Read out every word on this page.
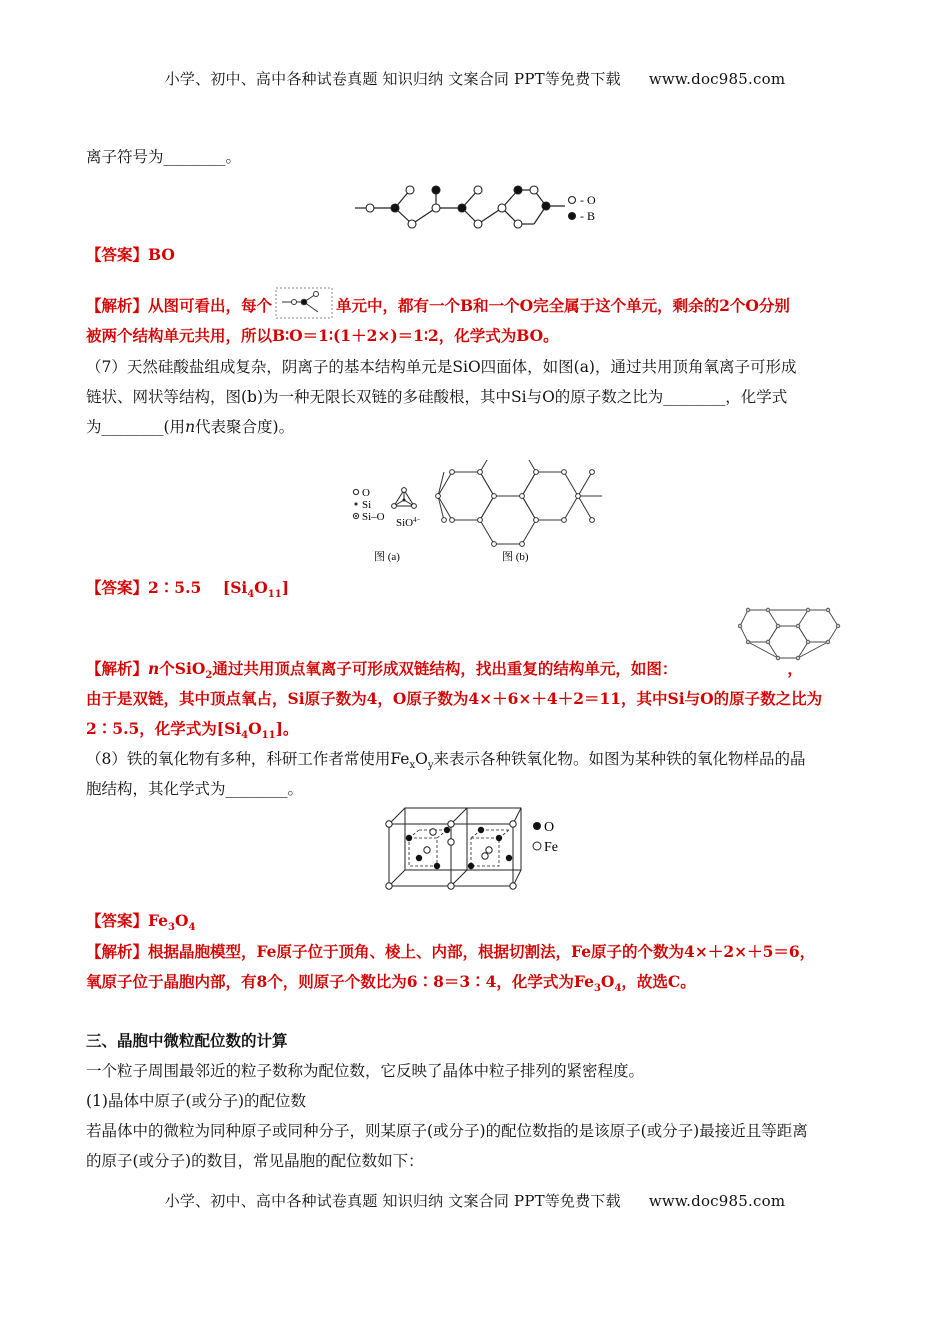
小学、初中、高中各种试卷真题 知识归纳 文案合同 PPT等免费下载 www.doc985.com
离子符号为________。
- O
- B
【答案】BO
【解析】从图可看出，每个	单元中，都有一个B和一个O完全属于这个单元，剩余的2个O分别
被两个结构单元共用，所以B∶O＝1∶(1＋2×)＝1∶2，化学式为BO。
（7）天然硅酸盐组成复杂，阴离子的基本结构单元是SiO四面体，如图(a)，通过共用顶角氧离子可形成
链状、网状等结构，图(b)为一种无限长双链的多硅酸根，其中Si与O的原子数之比为________，化学式
为________(用n代表聚合度)。
O
Si
Si–O SiO$^{4-}$
图 (a)	图 (b)
【答案】2∶5.5 $[Si_4O_{11}]$
【解析】n个SiO$_2$通过共用顶点氧离子可形成双链结构，找出重复的结构单元，如图：	，
由于是双链，其中顶点氧占，Si原子数为4，O原子数为4×＋6×＋4＋2＝11，其中Si与O的原子数之比为
2∶5.5，化学式为$[Si_4O_{11}]$。
（8）铁的氧化物有多种，科研工作者常使用$Fe_xO_y$来表示各种铁氧化物。如图为某种铁的氧化物样品的晶
胞结构，其化学式为________。
O
Fe
【答案】$Fe_3O_4$
【解析】根据晶胞模型，Fe原子位于顶角、棱上、内部，根据切割法，Fe原子的个数为4×＋2×＋5＝6，
氧原子位于晶胞内部，有8个，则原子个数比为6∶8＝3∶4，化学式为$Fe_3O_4$，故选C。
三、晶胞中微粒配位数的计算
一个粒子周围最邻近的粒子数称为配位数，它反映了晶体中粒子排列的紧密程度。
(1)晶体中原子(或分子)的配位数
若晶体中的微粒为同种原子或同种分子，则某原子(或分子)的配位数指的是该原子(或分子)最接近且等距离
的原子(或分子)的数目，常见晶胞的配位数如下：
小学、初中、高中各种试卷真题 知识归纳 文案合同 PPT等免费下载 www.doc985.com
